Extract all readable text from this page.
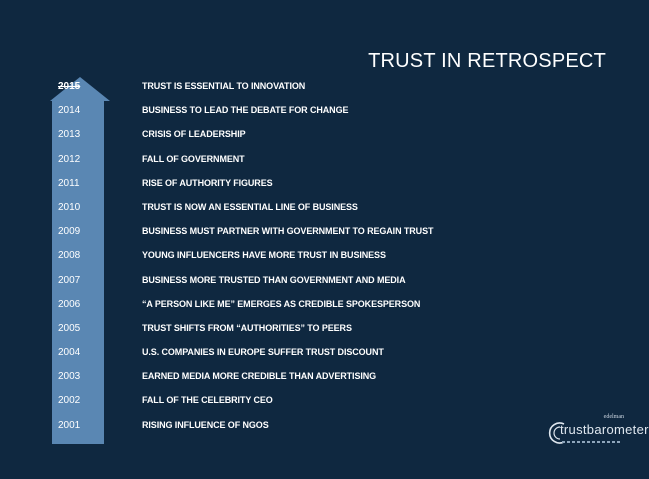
TRUST IN RETROSPECT
2015	TRUST IS ESSENTIAL TO INNOVATION
2014	BUSINESS TO LEAD THE DEBATE FOR CHANGE
2013	CRISIS OF LEADERSHIP
2012	FALL OF GOVERNMENT
2011	RISE OF AUTHORITY FIGURES
2010	TRUST IS NOW AN ESSENTIAL LINE OF BUSINESS
2009	BUSINESS MUST PARTNER WITH GOVERNMENT TO REGAIN TRUST
2008	YOUNG INFLUENCERS HAVE MORE TRUST IN BUSINESS
2007	BUSINESS MORE TRUSTED THAN GOVERNMENT AND MEDIA
2006	“A PERSON LIKE ME” EMERGES AS CREDIBLE SPOKESPERSON
2005	TRUST SHIFTS FROM “AUTHORITIES” TO PEERS
2004	U.S. COMPANIES IN EUROPE SUFFER TRUST DISCOUNT
2003	EARNED MEDIA MORE CREDIBLE THAN ADVERTISING
2002	FALL OF THE CELEBRITY CEO
2001	RISING INFLUENCE OF NGOS
edelman
trustbarometer
